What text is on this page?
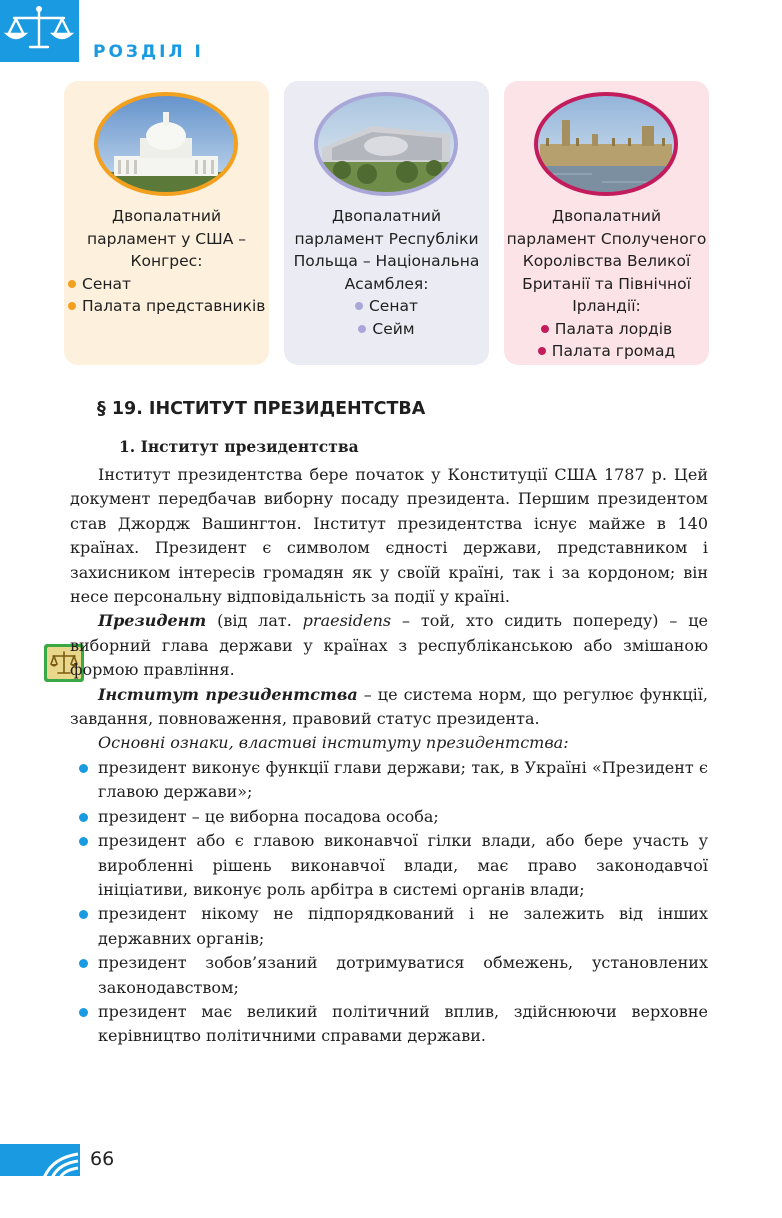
РОЗДІЛ I
Двопалатний
парламент у США –
Конгрес:
Сенат
Палата представників
Двопалатний
парламент Республіки
Польща – Національна
Асамблея:
Сенат
Сейм
Двопалатний
парламент Сполученого
Королівства Великої
Британії та Північної
Ірландії:
Палата лордів
Палата громад
§ 19. ІНСТИТУТ ПРЕЗИДЕНТСТВА
1. Інститут президентства

Інститут президентства бере початок у Конституції США 1787 р. Цей документ передбачав виборну посаду президента. Першим президентом став Джордж Вашингтон. Інститут президентства існує майже в 140 країнах. Президент є символом єдності держави, представником і захисником інтересів громадян як у своїй країні, так і за кордоном; він несе персональну відповідальність за події у країні.

Президент (від лат. praesidens – той, хто сидить попереду) – це виборний глава держави у країнах з республіканською або змішаною формою правління.

Інститут президентства – це система норм, що регулює функції, завдання, повноваження, правовий статус президента.

Основні ознаки, властиві інституту президентства:

президент виконує функції глави держави; так, в Україні «Президент є главою держави»;
президент – це виборна посадова особа;
президент або є главою виконавчої гілки влади, або бере участь у виробленні рішень виконавчої влади, має право законодавчої ініціативи, виконує роль арбітра в системі органів влади;
президент нікому не підпорядкований і не залежить від інших державних органів;
президент зобов’язаний дотримуватися обмежень, установлених законодавством;
президент має великий політичний вплив, здійснюючи верховне керівництво політичними справами держави.
66
